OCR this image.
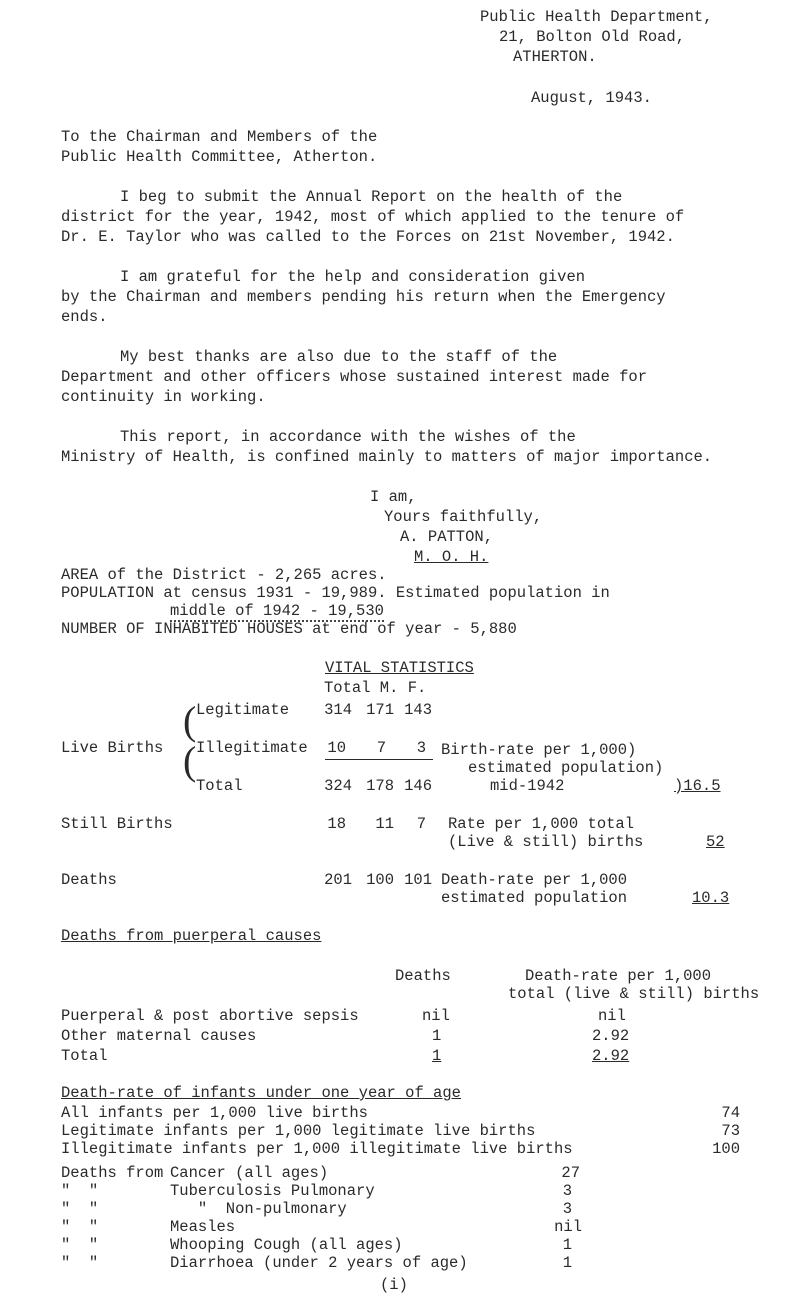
Public Health Department,
21, Bolton Old Road,
ATHERTON.
August, 1943.
To the Chairman and Members of the
Public Health Committee, Atherton.
I beg to submit the Annual Report on the health of the
district for the year, 1942, most of which applied to the tenure of
Dr. E. Taylor who was called to the Forces on 21st November, 1942.
I am grateful for the help and consideration given
by the Chairman and members pending his return when the Emergency
ends.
My best thanks are also due to the staff of the
Department and other officers whose sustained interest made for
continuity in working.
This report, in accordance with the wishes of the
Ministry of Health, is confined mainly to matters of major importance.
I am,
Yours faithfully,
A. PATTON,
M. O. H.
AREA of the District - 2,265 acres.
POPULATION at census 1931 - 19,989. Estimated population in
middle of 1942 - 19,530
NUMBER OF INHABITED HOUSES at end of year - 5,880
VITAL STATISTICS
Total M. F.
Live Births
(
(
Legitimate	314 171 143
Illegitimate	10	7	3
Total	324 178 146
Birth-rate per 1,000)
estimated population)
mid-1942	)16.5
Still Births	18	11	7 Rate per 1,000 total
(Live & still) births	52
Deaths	201 100 101 Death-rate per 1,000
estimated population	10.3
Deaths from puerperal causes
Deaths	Death-rate per 1,000
total (live & still) births
Puerperal & post abortive sepsis	nil	nil
Other maternal causes	1	2.92
Total	1	2.92
Death-rate of infants under one year of age
All infants per 1,000 live births	74
Legitimate infants per 1,000 legitimate live births	73
Illegitimate infants per 1,000 illegitimate live births	100
Deaths from Cancer (all ages)	27
"  "	Tuberculosis Pulmonary	3
"  "	"  Non-pulmonary	3
"  "	Measles	nil
"  "	Whooping Cough (all ages)	1
"  "	Diarrhoea (under 2 years of age)	1
(i)
